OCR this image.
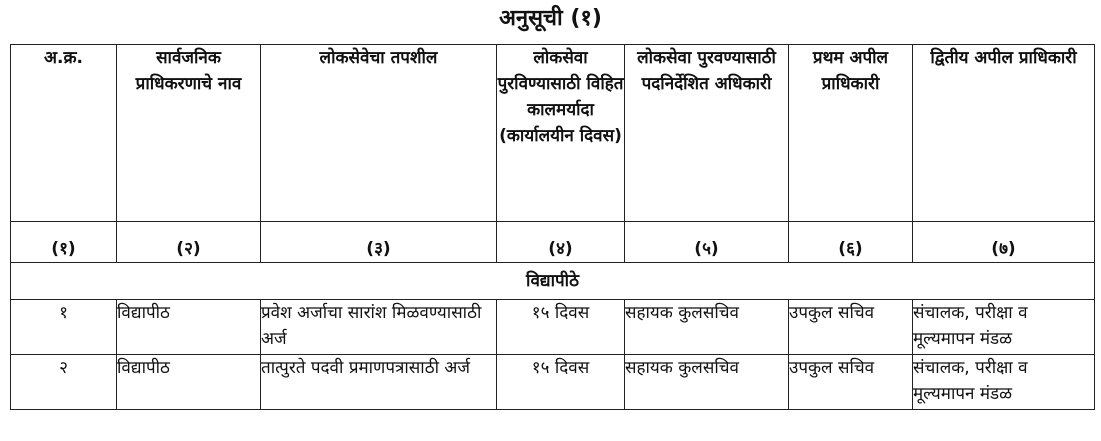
अनुसूची (१)
अ.क्र.	सार्वजनिक प्राधिकरणाचे नाव	लोकसेवेचा तपशील	लोकसेवा पुरविण्यासाठी विहित कालमर्यादा (कार्यालयीन दिवस)	लोकसेवा पुरवण्यासाठी पदनिर्देशित अधिकारी	प्रथम अपील प्राधिकारी	द्वितीय अपील प्राधिकारी
(१)	(२)	(३)	(४)	(५)	(६)	(७)
विद्यापीठे						
१	विद्यापीठ	प्रवेश अर्जाचा सारांश मिळवण्यासाठी अर्ज	१५ दिवस	सहायक कुलसचिव	उपकुल सचिव	संचालक, परीक्षा व मूल्यमापन मंडळ
२	विद्यापीठ	तात्पुरते पदवी प्रमाणपत्रासाठी अर्ज	१५ दिवस	सहायक कुलसचिव	उपकुल सचिव	संचालक, परीक्षा व मूल्यमापन मंडळ
